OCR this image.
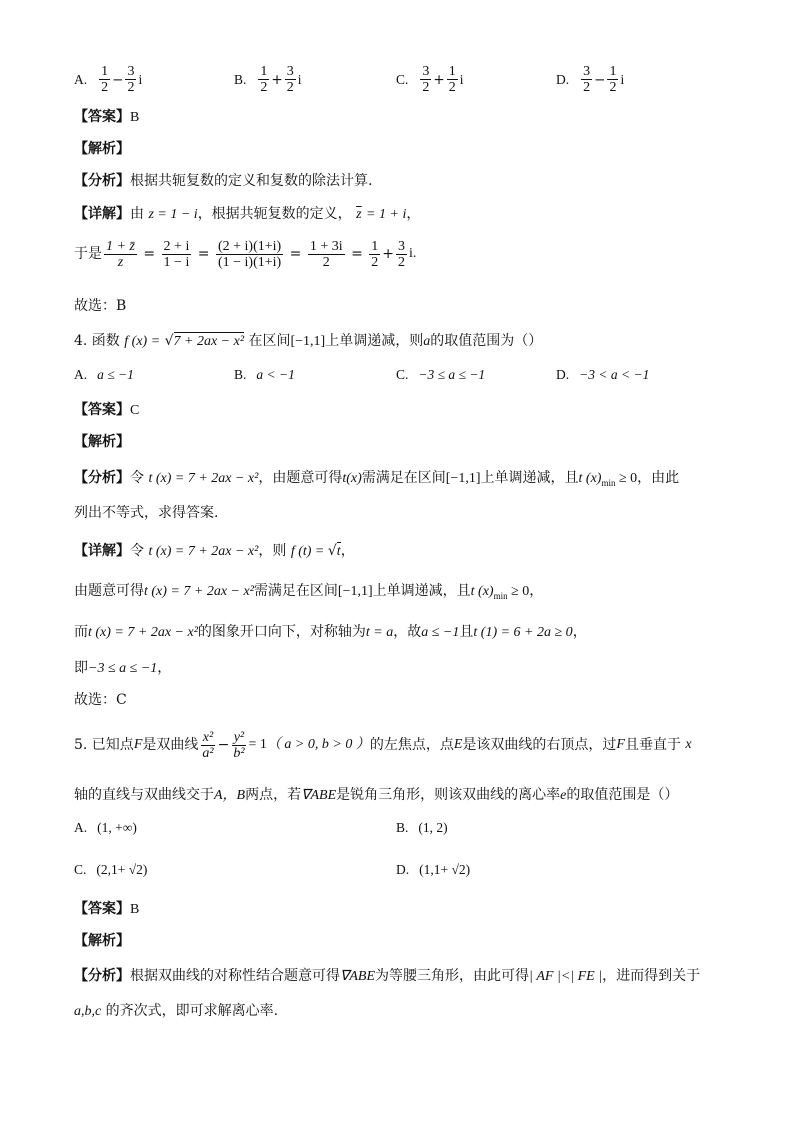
A. $\frac{1}{2} - \frac{3}{2}$ i	B. $\frac{1}{2} + \frac{3}{2}$ i	C. $\frac{3}{2} + \frac{1}{2}$ i	D. $\frac{3}{2} - \frac{1}{2}$ i
【答案】B
【解析】
【分析】根据共轭复数的定义和复数的除法计算.
【详解】由 z = 1 − i，根据共轭复数的定义， $\overline{z} = 1 + i$，
于是 $\frac{1 + z̄}{z} = \frac{2 + i}{1 - i} = \frac{(2 + i)(1+i)}{(1 - i)(1+i)} = \frac{1 + 3i}{2} = \frac{1}{2} + \frac{3}{2} i$.
故选：B
4. 函数 f (x) = √7 + 2ax − x² 在区间[−1,1]上单调递减，则a的取值范围为（）
A. a ≤ −1	B. a < −1	C. −3 ≤ a ≤ −1	D. −3 < a < −1
【答案】C
【解析】
【分析】令 t (x) = 7 + 2ax − x²，由题意可得t(x)需满足在区间[−1,1]上单调递减，且t $(x)_{min} \ge 0$，由此
列出不等式，求得答案.
【详解】令 t (x) = 7 + 2ax − x²，则 f (t) = √t，
由题意可得t (x) = 7 + 2ax − x²需满足在区间[−1,1]上单调递减，且t $(x)_{min} \ge 0$，
而t (x) = 7 + 2ax − x²的图象开口向下，对称轴为t = a，故a ≤ −1且t (1) = 6 + 2a ≥ 0，
即−3 ≤ a ≤ −1，
故选：C
5. 已知点 F 是双曲线 $\frac{\text{x²}}{\text{a²}} - \frac{\text{y²}}{\text{b²}} = 1$ （ a > 0, b > 0 ） 的左焦点，点 E 是该双曲线的右顶点，过 F 且垂直于
x
轴的直线与双曲线交于A，B两点，若∇ABE是锐角三角形，则该双曲线的离心率e的取值范围是（）
A. (1, +∞)	B. (1, 2)
C. (2,1+ √2)	D. (1,1+ √2)
【答案】B
【解析】
【分析】根据双曲线的对称性结合题意可得∇ABE为等腰三角形，由此可得| AF |<| FE |，进而得到关于
a,b,c 的齐次式，即可求解离心率.
